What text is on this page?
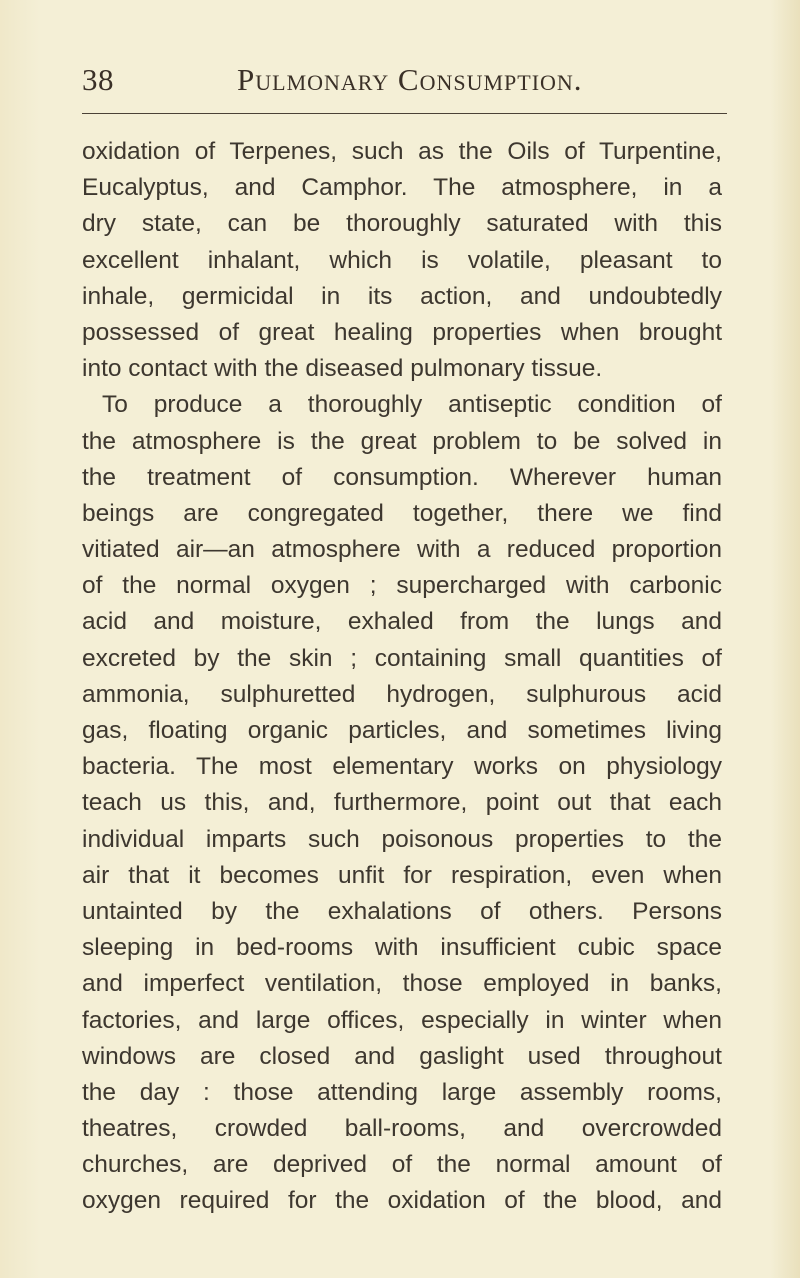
38	Pulmonary Consumption.
oxidation of Terpenes, such as the Oils of Turpentine,
Eucalyptus, and Camphor. The atmosphere, in a
dry state, can be thoroughly saturated with this
excellent inhalant, which is volatile, pleasant to
inhale, germicidal in its action, and undoubtedly
possessed of great healing properties when brought
into contact with the diseased pulmonary tissue.
To produce a thoroughly antiseptic condition of
the atmosphere is the great problem to be solved in
the treatment of consumption. Wherever human
beings are congregated together, there we find
vitiated air—an atmosphere with a reduced proportion
of the normal oxygen ; supercharged with carbonic
acid and moisture, exhaled from the lungs and
excreted by the skin ; containing small quantities of
ammonia, sulphuretted hydrogen, sulphurous acid
gas, floating organic particles, and sometimes living
bacteria. The most elementary works on physiology
teach us this, and, furthermore, point out that each
individual imparts such poisonous properties to the
air that it becomes unfit for respiration, even when
untainted by the exhalations of others. Persons
sleeping in bed-rooms with insufficient cubic space
and imperfect ventilation, those employed in banks,
factories, and large offices, especially in winter when
windows are closed and gaslight used throughout
the day : those attending large assembly rooms,
theatres, crowded ball-rooms, and overcrowded
churches, are deprived of the normal amount of
oxygen required for the oxidation of the blood, and
